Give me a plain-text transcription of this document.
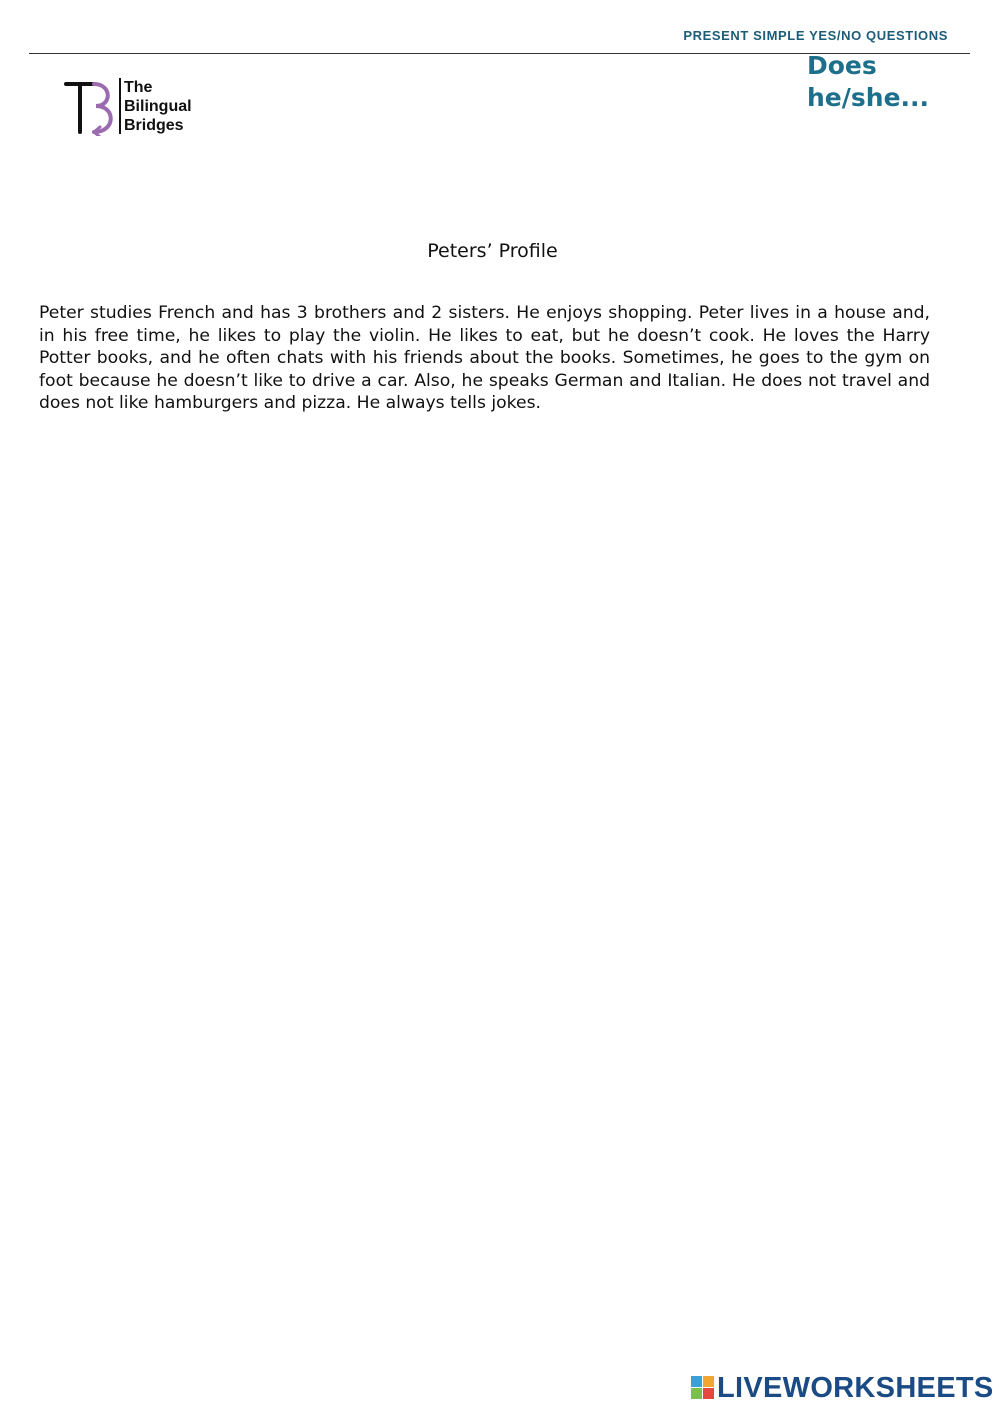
PRESENT SIMPLE YES/NO QUESTIONS
The
Bilingual
Bridges
Does he/she...
Peters’ Profile

Peter studies French and has 3 brothers and 2 sisters. He enjoys shopping. Peter lives in a house and, in his free time, he likes to play the violin. He likes to eat, but he doesn’t cook. He loves the Harry Potter books, and he often chats with his friends about the books. Sometimes, he goes to the gym on foot because he doesn’t like to drive a car. Also, he speaks German and Italian. He does not travel and does not like hamburgers and pizza. He always tells jokes.

LIVEWORKSHEETS
